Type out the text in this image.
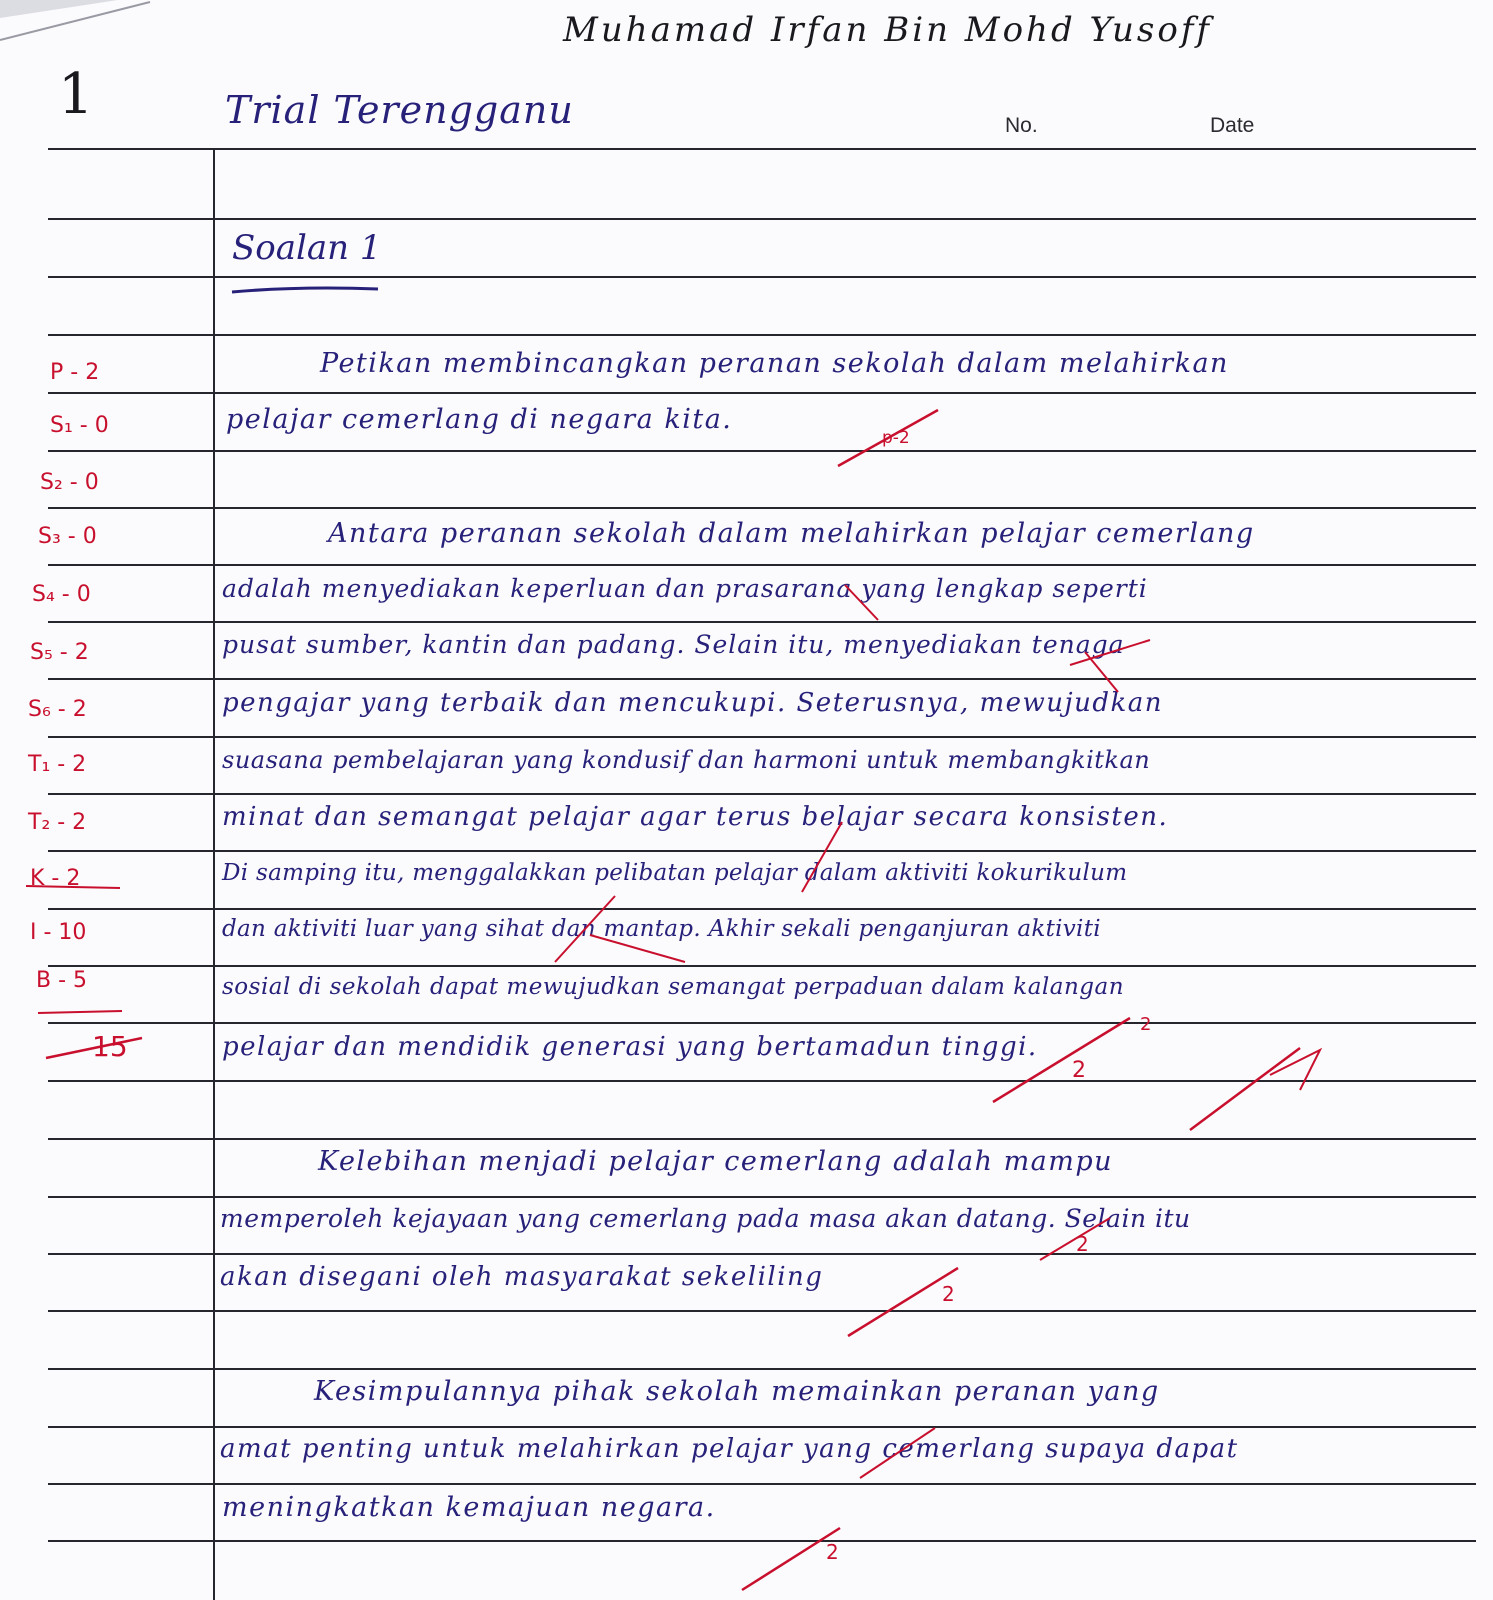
Muhamad Irfan Bin Mohd Yusoff
1	Trial Terengganu	No.	Date
Soalan 1
P - 2
S₁ - 0
S₂ - 0
S₃ - 0
S₄ - 0
S₅ - 2
S₆ - 2
T₁ - 2
T₂ - 2
K - 2
I - 10
B - 5
15
Petikan membincangkan peranan sekolah dalam melahirkan
pelajar cemerlang di negara kita.
Antara peranan sekolah dalam melahirkan pelajar cemerlang
adalah menyediakan keperluan dan prasarana yang lengkap seperti
pusat sumber, kantin dan padang. Selain itu, menyediakan tenaga
pengajar yang terbaik dan mencukupi. Seterusnya, mewujudkan
suasana pembelajaran yang kondusif dan harmoni untuk membangkitkan
minat dan semangat pelajar agar terus belajar secara konsisten.
Di samping itu, menggalakkan pelibatan pelajar dalam aktiviti kokurikulum
dan aktiviti luar yang sihat dan mantap. Akhir sekali penganjuran aktiviti
sosial di sekolah dapat mewujudkan semangat perpaduan dalam kalangan
pelajar dan mendidik generasi yang bertamadun tinggi.
Kelebihan menjadi pelajar cemerlang adalah mampu
memperoleh kejayaan yang cemerlang pada masa akan datang. Selain itu
akan disegani oleh masyarakat sekeliling
Kesimpulannya pihak sekolah memainkan peranan yang
amat penting untuk melahirkan pelajar yang cemerlang supaya dapat
meningkatkan kemajuan negara.
p-2
2
2
2
2
2
